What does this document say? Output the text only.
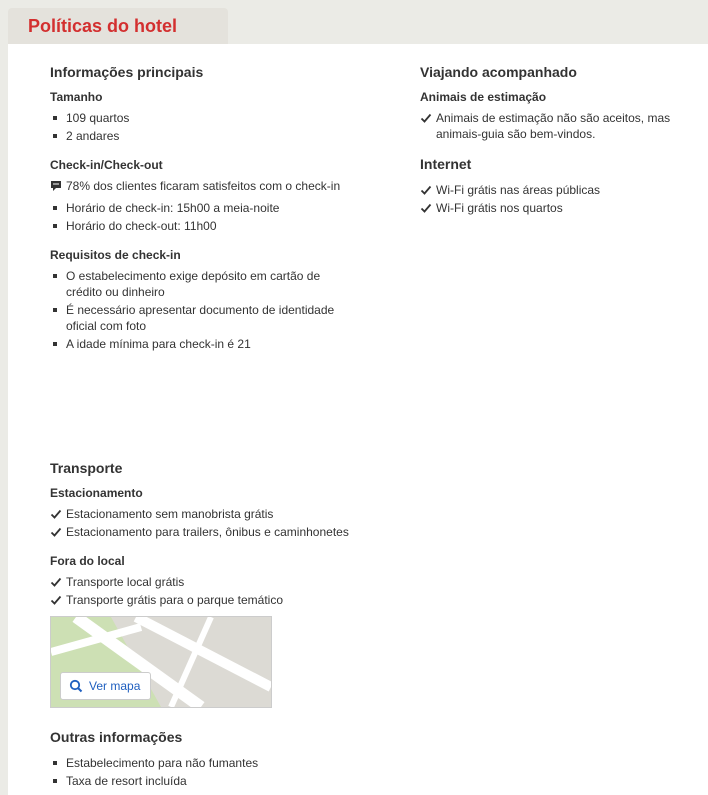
Políticas do hotel
Informações principais
Tamanho
109 quartos
2 andares
Check-in/Check-out
78% dos clientes ficaram satisfeitos com o check-in
Horário de check-in: 15h00 a meia-noite
Horário do check-out: 11h00
Requisitos de check-in
O estabelecimento exige depósito em cartão de crédito ou dinheiro
É necessário apresentar documento de identidade oficial com foto
A idade mínima para check-in é 21
Viajando acompanhado
Animais de estimação
Animais de estimação não são aceitos, mas animais-guia são bem-vindos.
Internet
Wi-Fi grátis nas áreas públicas
Wi-Fi grátis nos quartos
Transporte
Estacionamento
Estacionamento sem manobrista grátis
Estacionamento para trailers, ônibus e caminhonetes
Fora do local
Transporte local grátis
Transporte grátis para o parque temático
Ver mapa
Outras informações
Estabelecimento para não fumantes
Taxa de resort incluída
